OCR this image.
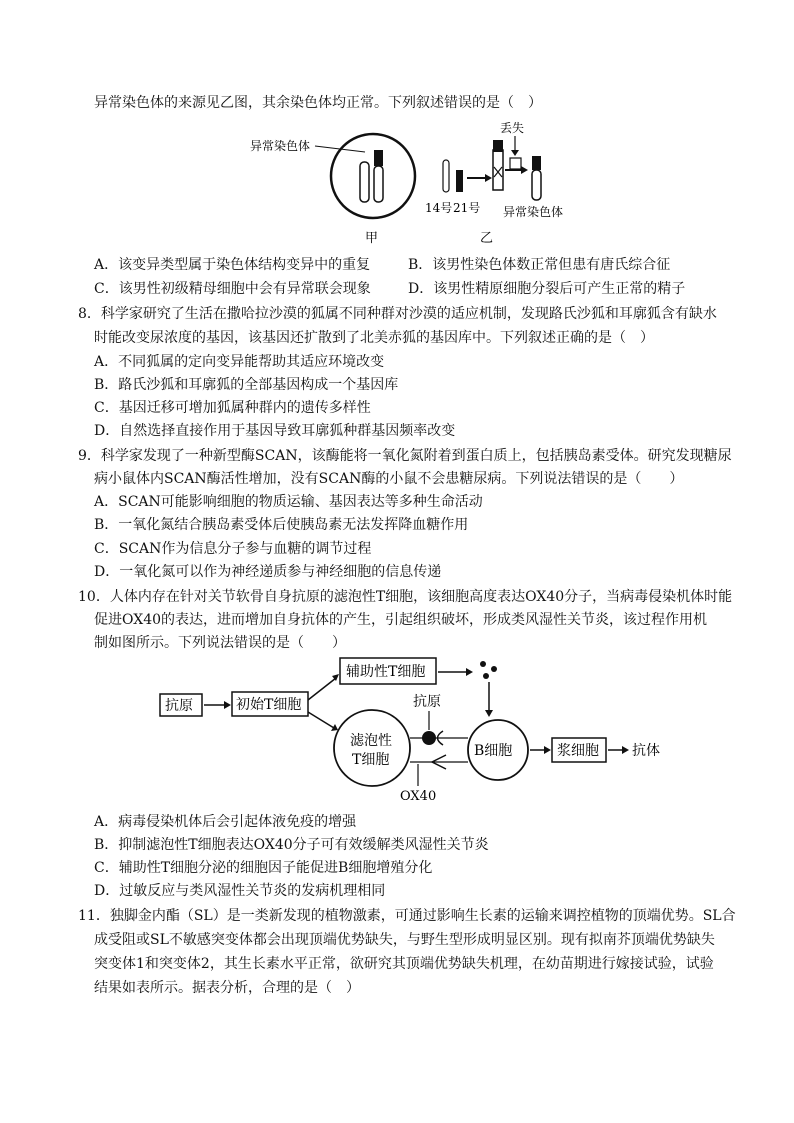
异常染色体的来源见乙图，其余染色体均正常。下列叙述错误的是（　）
异常染色体
丢失
14号 21号 异常染色体
甲	乙
A．该变异类型属于染色体结构变异中的重复	B．该男性染色体数正常但患有唐氏综合征
C．该男性初级精母细胞中会有异常联会现象	D．该男性精原细胞分裂后可产生正常的精子
8．科学家研究了生活在撒哈拉沙漠的狐属不同种群对沙漠的适应机制，发现路氏沙狐和耳廓狐含有缺水
时能改变尿浓度的基因，该基因还扩散到了北美赤狐的基因库中。下列叙述正确的是（　）
A．不同狐属的定向变异能帮助其适应环境改变
B．路氏沙狐和耳廓狐的全部基因构成一个基因库
C．基因迁移可增加狐属种群内的遗传多样性
D．自然选择直接作用于基因导致耳廓狐种群基因频率改变
9．科学家发现了一种新型酶SCAN，该酶能将一氧化氮附着到蛋白质上，包括胰岛素受体。研究发现糖尿
病小鼠体内SCAN酶活性增加，没有SCAN酶的小鼠不会患糖尿病。下列说法错误的是（　　）
A．SCAN可能影响细胞的物质运输、基因表达等多种生命活动
B．一氧化氮结合胰岛素受体后使胰岛素无法发挥降血糖作用
C．SCAN作为信息分子参与血糖的调节过程
D．一氧化氮可以作为神经递质参与神经细胞的信息传递
10．人体内存在针对关节软骨自身抗原的滤泡性T细胞，该细胞高度表达OX40分子，当病毒侵染机体时能
促进OX40的表达，进而增加自身抗体的产生，引起组织破坏，形成类风湿性关节炎，该过程作用机
制如图所示。下列说法错误的是（　　）
抗原	初始T细胞
辅助性T细胞
滤泡性
T细胞
抗原
OX40
B细胞	浆细胞 抗体
A．病毒侵染机体后会引起体液免疫的增强
B．抑制滤泡性T细胞表达OX40分子可有效缓解类风湿性关节炎
C．辅助性T细胞分泌的细胞因子能促进B细胞增殖分化
D．过敏反应与类风湿性关节炎的发病机理相同
11．独脚金内酯（SL）是一类新发现的植物激素，可通过影响生长素的运输来调控植物的顶端优势。SL合
成受阻或SL不敏感突变体都会出现顶端优势缺失，与野生型形成明显区别。现有拟南芥顶端优势缺失
突变体1和突变体2，其生长素水平正常，欲研究其顶端优势缺失机理，在幼苗期进行嫁接试验，试验
结果如表所示。据表分析，合理的是（　）
